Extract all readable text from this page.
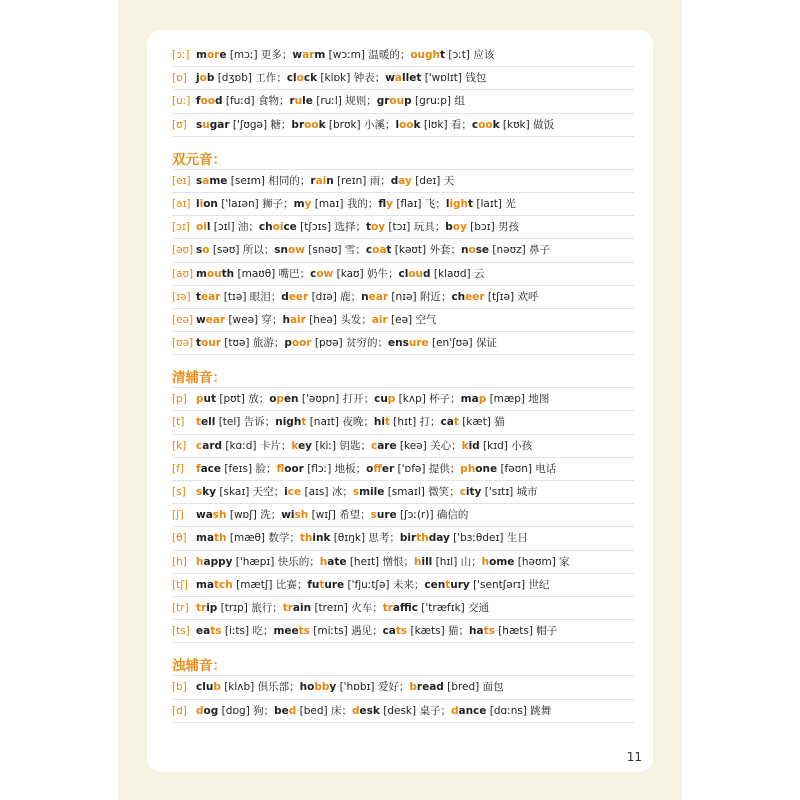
[ɔː] more [mɔː] 更多；warm [wɔːm] 温暖的；ought [ɔːt] 应该
[ɒ] job [dʒɒb] 工作；clock [klɒk] 钟表；wallet ['wɒlɪt] 钱包
[uː] food [fuːd] 食物；rule [ruːl] 规则；group [gruːp] 组
[ʊ] sugar ['ʃʊgə] 糖；brook [brʊk] 小溪；look [lʊk] 看；cook [kʊk] 做饭
双元音：
[eɪ] same [seɪm] 相同的；rain [reɪn] 雨；day [deɪ] 天
[aɪ] lion ['laɪən] 狮子；my [maɪ] 我的；fly [flaɪ] 飞；light [laɪt] 光
[ɔɪ] oil [ɔɪl] 油；choice [tʃɔɪs] 选择；toy [tɔɪ] 玩具；boy [bɔɪ] 男孩
[əʊ] so [səʊ] 所以；snow [snəʊ] 雪；coat [kəʊt] 外套；nose [nəʊz] 鼻子
[aʊ] mouth [maʊθ] 嘴巴；cow [kaʊ] 奶牛；cloud [klaʊd] 云
[ɪə] tear [tɪə] 眼泪；deer [dɪə] 鹿；near [nɪə] 附近；cheer [tʃɪə] 欢呼
[eə] wear [weə] 穿；hair [heə] 头发；air [eə] 空气
[ʊə] tour [tʊə] 旅游；poor [pʊə] 贫穷的；ensure [en'ʃʊə] 保证
清辅音：
[p] put [pʊt] 放；open ['əʊpn] 打开；cup [kʌp] 杯子；map [mæp] 地图
[t] tell [tel] 告诉；night [naɪt] 夜晚；hit [hɪt] 打；cat [kæt] 猫
[k] card [kɑːd] 卡片；key [kiː] 钥匙；care [keə] 关心；kid [kɪd] 小孩
[f] face [feɪs] 脸；floor [flɔː] 地板；offer ['ɒfə] 提供；phone [fəʊn] 电话
[s] sky [skaɪ] 天空；ice [aɪs] 冰；smile [smaɪl] 微笑；city ['sɪtɪ] 城市
[ʃ] wash [wɒʃ] 洗；wish [wɪʃ] 希望；sure [ʃɔː(r)] 确信的
[θ] math [mæθ] 数学；think [θɪŋk] 思考；birthday ['bɜːθdeɪ] 生日
[h] happy ['hæpɪ] 快乐的；hate [heɪt] 憎恨；hill [hɪl] 山；home [həʊm] 家
[tʃ] match [mætʃ] 比赛；future ['fjuːtʃə] 未来；century ['sentʃərɪ] 世纪
[tr] trip [trɪp] 旅行；train [treɪn] 火车；traffic ['træfɪk] 交通
[ts] eats [iːts] 吃；meets [miːts] 遇见；cats [kæts] 猫；hats [hæts] 帽子
浊辅音：
[b] club [klʌb] 俱乐部；hobby ['hɒbɪ] 爱好；bread [bred] 面包
[d] dog [dɒg] 狗；bed [bed] 床；desk [desk] 桌子；dance [dɑːns] 跳舞
11
